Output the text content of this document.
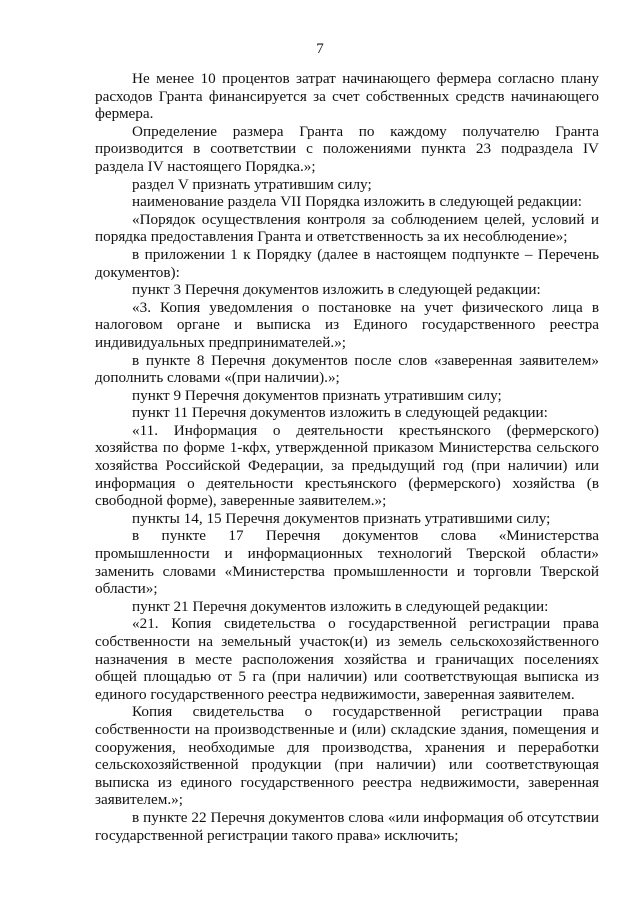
7

Не менее 10 процентов затрат начинающего фермера согласно плану расходов Гранта финансируется за счет собственных средств начинающего фермера.

Определение размера Гранта по каждому получателю Гранта производится в соответствии с положениями пункта 23 подраздела IV раздела IV настоящего Порядка.»;

раздел V признать утратившим силу;

наименование раздела VII Порядка изложить в следующей редакции:

«Порядок осуществления контроля за соблюдением целей, условий и порядка предоставления Гранта и ответственность за их несоблюдение»;

в приложении 1 к Порядку (далее в настоящем подпункте – Перечень документов):

пункт 3 Перечня документов изложить в следующей редакции:

«3. Копия уведомления о постановке на учет физического лица в налоговом органе и выписка из Единого государственного реестра индивидуальных предпринимателей.»;

в пункте 8 Перечня документов после слов «заверенная заявителем» дополнить словами «(при наличии).»;

пункт 9 Перечня документов признать утратившим силу;

пункт 11 Перечня документов изложить в следующей редакции:

«11. Информация о деятельности крестьянского (фермерского) хозяйства по форме 1-кфх, утвержденной приказом Министерства сельского хозяйства Российской Федерации, за предыдущий год (при наличии) или информация о деятельности крестьянского (фермерского) хозяйства (в свободной форме), заверенные заявителем.»;

пункты 14, 15 Перечня документов признать утратившими силу;

в пункте 17 Перечня документов слова «Министерства промышленности и информационных технологий Тверской области» заменить словами «Министерства промышленности и торговли Тверской области»;

пункт 21 Перечня документов изложить в следующей редакции:

«21. Копия свидетельства о государственной регистрации права собственности на земельный участок(и) из земель сельскохозяйственного назначения в месте расположения хозяйства и граничащих поселениях общей площадью от 5 га (при наличии) или соответствующая выписка из единого государственного реестра недвижимости, заверенная заявителем.

Копия свидетельства о государственной регистрации права собственности на производственные и (или) складские здания, помещения и сооружения, необходимые для производства, хранения и переработки сельскохозяйственной продукции (при наличии) или соответствующая выписка из единого государственного реестра недвижимости, заверенная заявителем.»;

в пункте 22 Перечня документов слова «или информация об отсутствии государственной регистрации такого права» исключить;
